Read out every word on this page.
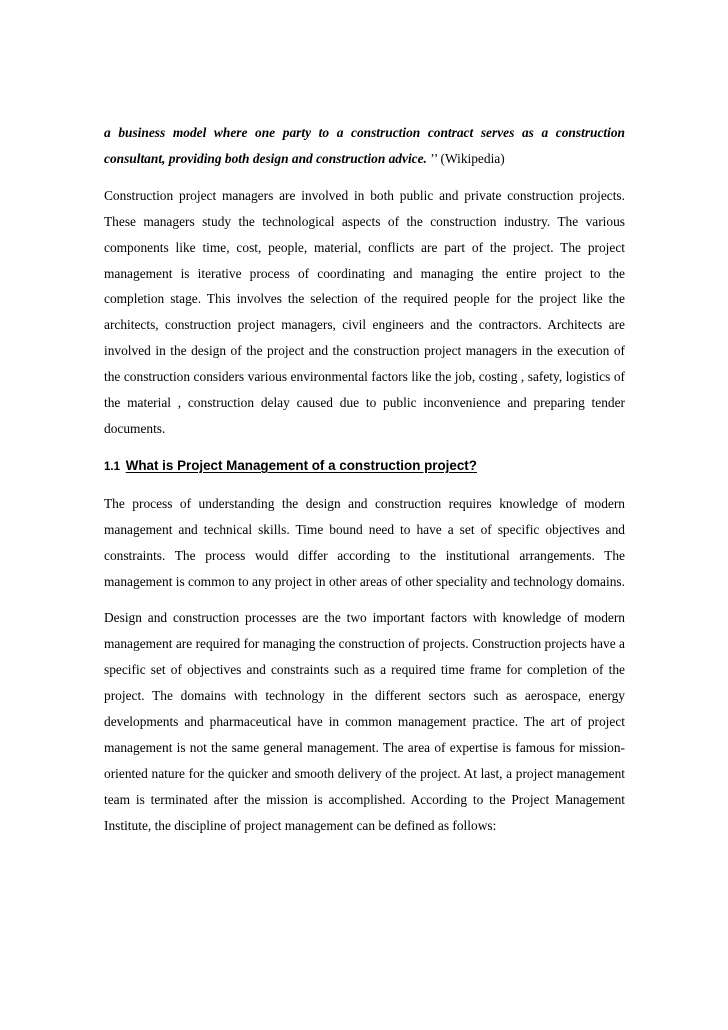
a business model where one party to a construction contract serves as a construction consultant, providing both design and construction advice. ’’ (Wikipedia)

Construction project managers are involved in both public and private construction projects. These managers study the technological aspects of the construction industry. The various components like time, cost, people, material, conflicts are part of the project. The project management is iterative process of coordinating and managing the entire project to the completion stage. This involves the selection of the required people for the project like the architects, construction project managers, civil engineers and the contractors. Architects are involved in the design of the project and the construction project managers in the execution of the construction considers various environmental factors like the job, costing , safety, logistics of the material , construction delay caused due to public inconvenience and preparing tender documents.

1.1 What is Project Management of a construction project?

The process of understanding the design and construction requires knowledge of modern management and technical skills. Time bound need to have a set of specific objectives and constraints. The process would differ according to the institutional arrangements. The management is common to any project in other areas of other speciality and technology domains.

Design and construction processes are the two important factors with knowledge of modern management are required for managing the construction of projects. Construction projects have a specific set of objectives and constraints such as a required time frame for completion of the project. The domains with technology in the different sectors such as aerospace, energy developments and pharmaceutical have in common management practice. The art of project management is not the same general management. The area of expertise is famous for mission-oriented nature for the quicker and smooth delivery of the project. At last, a project management team is terminated after the mission is accomplished. According to the Project Management Institute, the discipline of project management can be defined as follows:
